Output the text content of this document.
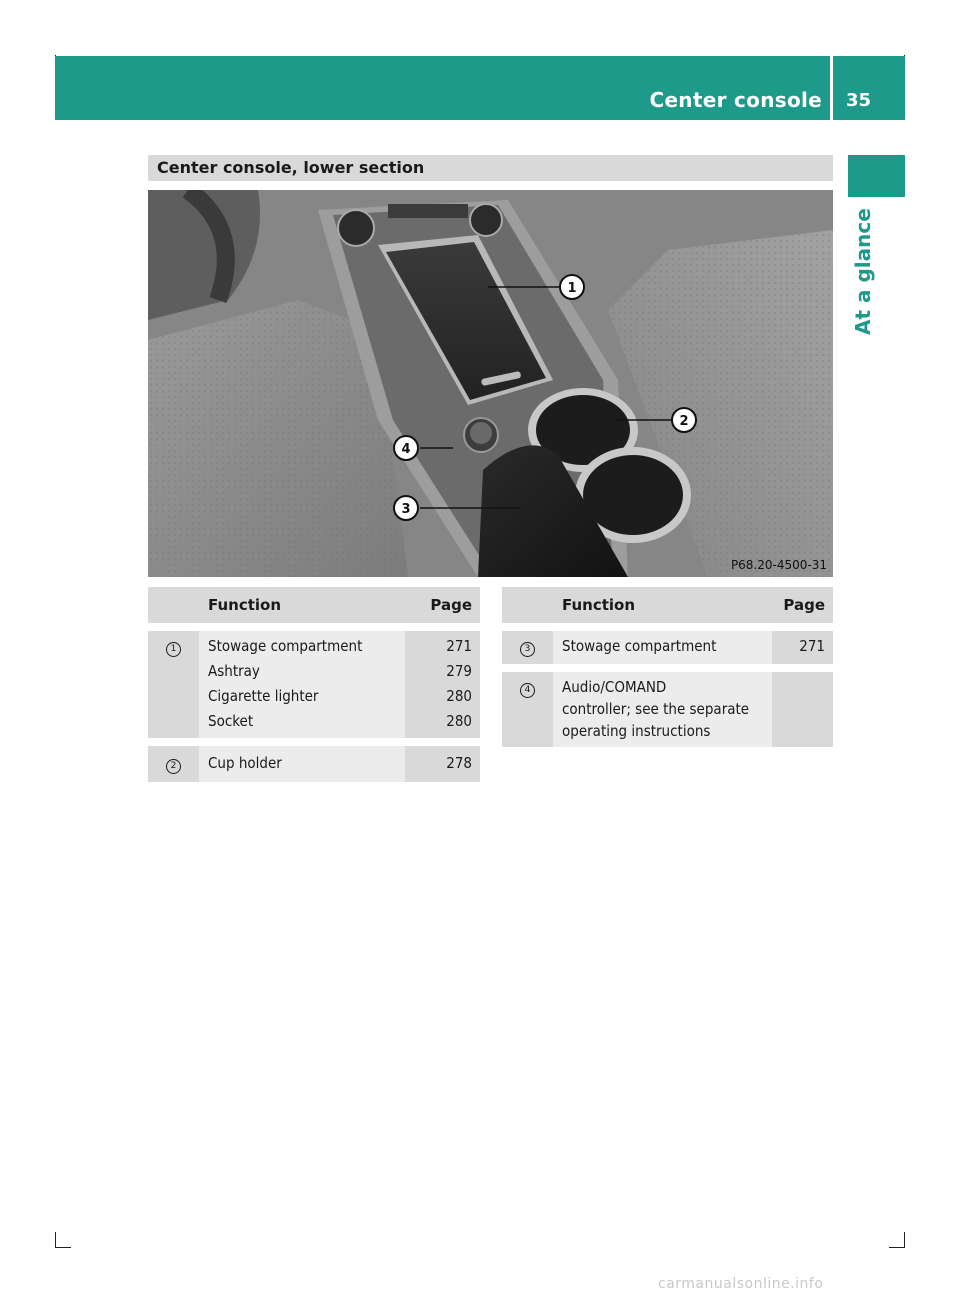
Center console 35
At a glance
Center console, lower section
1
2
3
4
P68.20-4500-31
	Function	Page

1	Stowage compartment	271
	Ashtray	279
	Cigarette lighter	280
	Socket	280

2	Cup holder	278
	Function	Page

3	Stowage compartment	271

4	Audio/COMAND
controller; see the separate
operating instructions	

carmanualsonline.info
